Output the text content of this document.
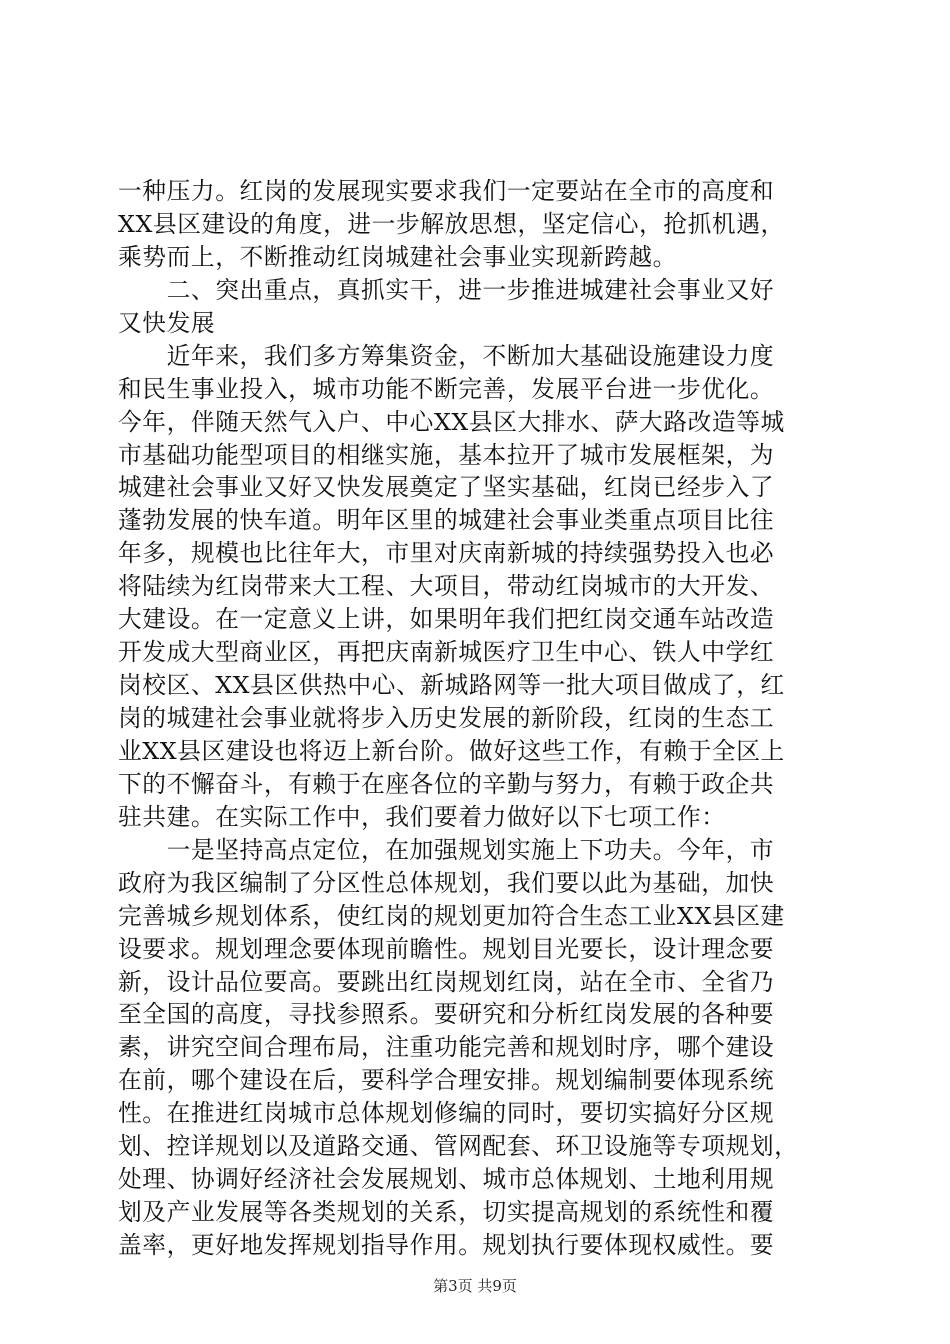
一种压力。红岗的发展现实要求我们一定要站在全市的高度和
XX县区建设的角度，进一步解放思想，坚定信心，抢抓机遇，
乘势而上，不断推动红岗城建社会事业实现新跨越。
　　二、突出重点，真抓实干，进一步推进城建社会事业又好
又快发展
　　近年来，我们多方筹集资金，不断加大基础设施建设力度
和民生事业投入，城市功能不断完善，发展平台进一步优化。
今年，伴随天然气入户、中心XX县区大排水、萨大路改造等城
市基础功能型项目的相继实施，基本拉开了城市发展框架，为
城建社会事业又好又快发展奠定了坚实基础，红岗已经步入了
蓬勃发展的快车道。明年区里的城建社会事业类重点项目比往
年多，规模也比往年大，市里对庆南新城的持续强势投入也必
将陆续为红岗带来大工程、大项目，带动红岗城市的大开发、
大建设。在一定意义上讲，如果明年我们把红岗交通车站改造
开发成大型商业区，再把庆南新城医疗卫生中心、铁人中学红
岗校区、XX县区供热中心、新城路网等一批大项目做成了，红
岗的城建社会事业就将步入历史发展的新阶段，红岗的生态工
业XX县区建设也将迈上新台阶。做好这些工作，有赖于全区上
下的不懈奋斗，有赖于在座各位的辛勤与努力，有赖于政企共
驻共建。在实际工作中，我们要着力做好以下七项工作：
　　一是坚持高点定位，在加强规划实施上下功夫。今年，市
政府为我区编制了分区性总体规划，我们要以此为基础，加快
完善城乡规划体系，使红岗的规划更加符合生态工业XX县区建
设要求。规划理念要体现前瞻性。规划目光要长，设计理念要
新，设计品位要高。要跳出红岗规划红岗，站在全市、全省乃
至全国的高度，寻找参照系。要研究和分析红岗发展的各种要
素，讲究空间合理布局，注重功能完善和规划时序，哪个建设
在前，哪个建设在后，要科学合理安排。规划编制要体现系统
性。在推进红岗城市总体规划修编的同时，要切实搞好分区规
划、控详规划以及道路交通、管网配套、环卫设施等专项规划，
第3页 共9页
处理、协调好经济社会发展规划、城市总体规划、土地利用规
划及产业发展等各类规划的关系，切实提高规划的系统性和覆
盖率，更好地发挥规划指导作用。规划执行要体现权威性。要
